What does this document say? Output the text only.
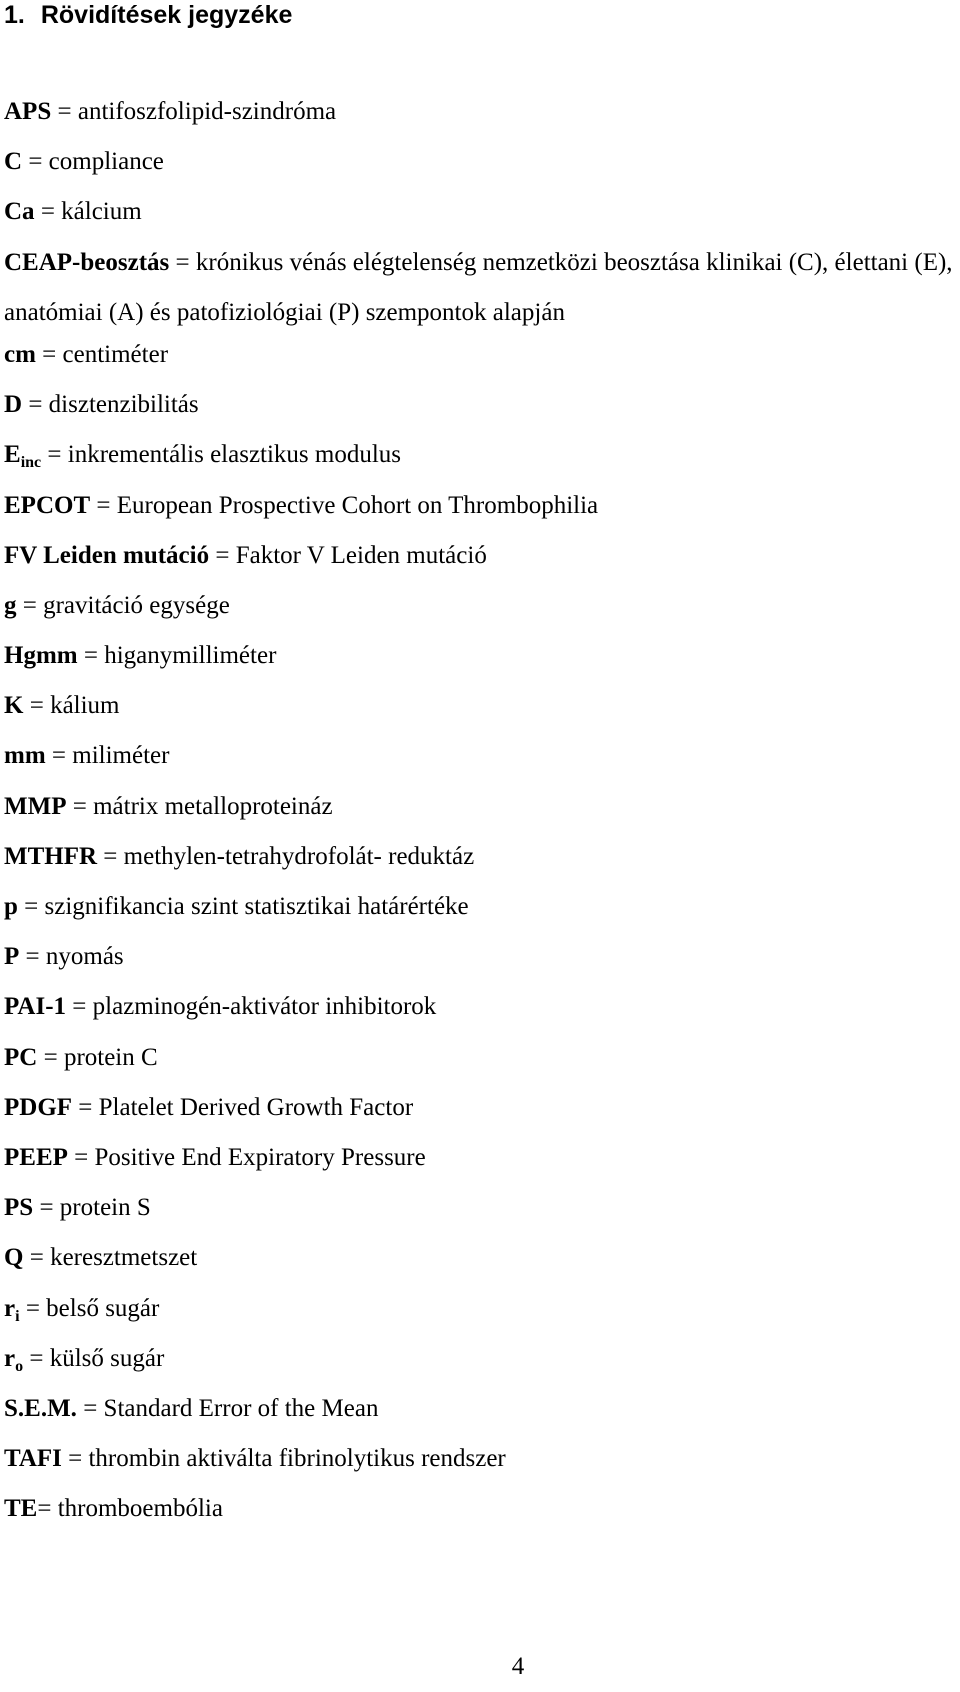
1. Rövidítések jegyzéke
APS = antifoszfolipid-szindróma
C = compliance
Ca = kálcium
CEAP-beosztás = krónikus vénás elégtelenség nemzetközi beosztása klinikai (C), élettani (E), anatómiai (A) és patofiziológiai (P) szempontok alapján
cm = centiméter
D = disztenzibilitás
$E_{inc}$ = inkrementális elasztikus modulus
EPCOT = European Prospective Cohort on Thrombophilia
FV Leiden mutáció = Faktor V Leiden mutáció
g = gravitáció egysége
Hgmm = higanymilliméter
K = kálium
mm = miliméter
MMP = mátrix metalloproteináz
MTHFR = methylen-tetrahydrofolát- reduktáz
p = szignifikancia szint statisztikai határértéke
P = nyomás
PAI-1 = plazminogén-aktivátor inhibitorok
PC = protein C
PDGF = Platelet Derived Growth Factor
PEEP = Positive End Expiratory Pressure
PS = protein S
Q = keresztmetszet
$r_i$ = belső sugár
$r_o$ = külső sugár
S.E.M. = Standard Error of the Mean
TAFI = thrombin aktiválta fibrinolytikus rendszer
TE= thromboembólia
4
